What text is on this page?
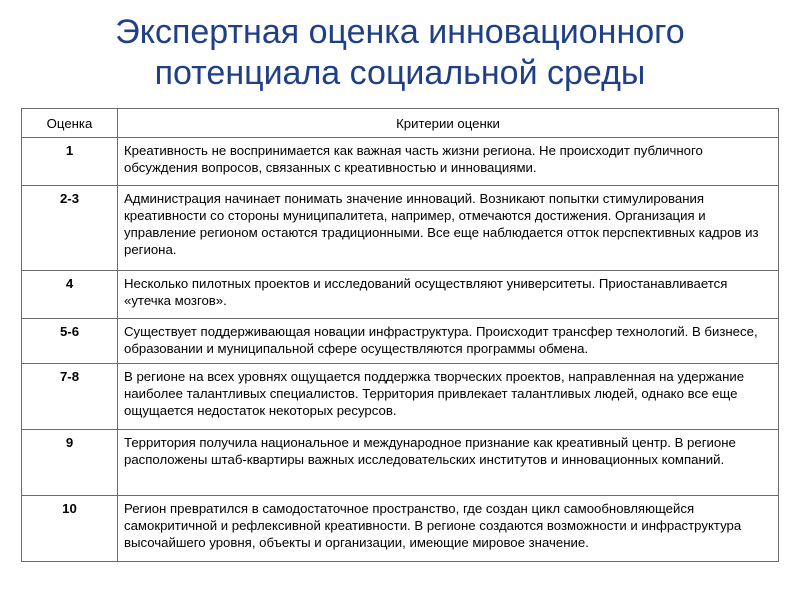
Экспертная оценка инновационного
потенциала социальной среды
Оценка	Критерии оценки
1	Креативность не воспринимается как важная часть жизни региона. Не происходит публичного обсуждения вопросов, связанных с креативностью и инновациями.
2-3	Администрация начинает понимать значение инноваций. Возникают попытки стимулирования креативности со стороны муниципалитета, например, отмечаются достижения. Организация и управление регионом остаются традиционными. Все еще наблюдается отток перспективных кадров из региона.
4	Несколько пилотных проектов и исследований осуществляют университеты. Приостанавливается «утечка мозгов».
5-6	Существует поддерживающая новации инфраструктура. Происходит трансфер технологий. В бизнесе, образовании и муниципальной сфере осуществляются программы обмена.
7-8	В регионе на всех уровнях ощущается поддержка творческих проектов, направленная на удержание наиболее талантливых специалистов. Территория привлекает талантливых людей, однако все еще ощущается недостаток некоторых ресурсов.
9	Территория получила национальное и международное признание как креативный центр. В регионе расположены штаб-квартиры важных исследовательских институтов и инновационных компаний.
10	Регион превратился в самодостаточное пространство, где создан цикл самообновляющейся самокритичной и рефлексивной креативности. В регионе создаются возможности и инфраструктура высочайшего уровня, объекты и организации, имеющие мировое значение.
